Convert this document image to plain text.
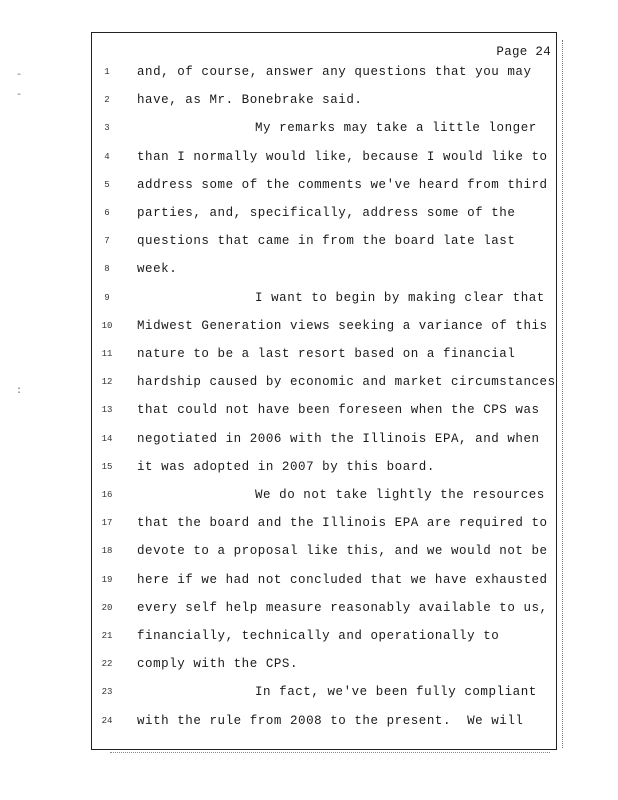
-
-
:
Page 24
1	and, of course, answer any questions that you may
2	have, as Mr. Bonebrake said.
3	My remarks may take a little longer
4	than I normally would like, because I would like to
5	address some of the comments we've heard from third
6	parties, and, specifically, address some of the
7	questions that came in from the board late last
8	week.
9	I want to begin by making clear that
10	Midwest Generation views seeking a variance of this
11	nature to be a last resort based on a financial
12	hardship caused by economic and market circumstances
13	that could not have been foreseen when the CPS was
14	negotiated in 2006 with the Illinois EPA, and when
15	it was adopted in 2007 by this board.
16	We do not take lightly the resources
17	that the board and the Illinois EPA are required to
18	devote to a proposal like this, and we would not be
19	here if we had not concluded that we have exhausted
20	every self help measure reasonably available to us,
21	financially, technically and operationally to
22	comply with the CPS.
23	In fact, we've been fully compliant
24	with the rule from 2008 to the present.  We will
